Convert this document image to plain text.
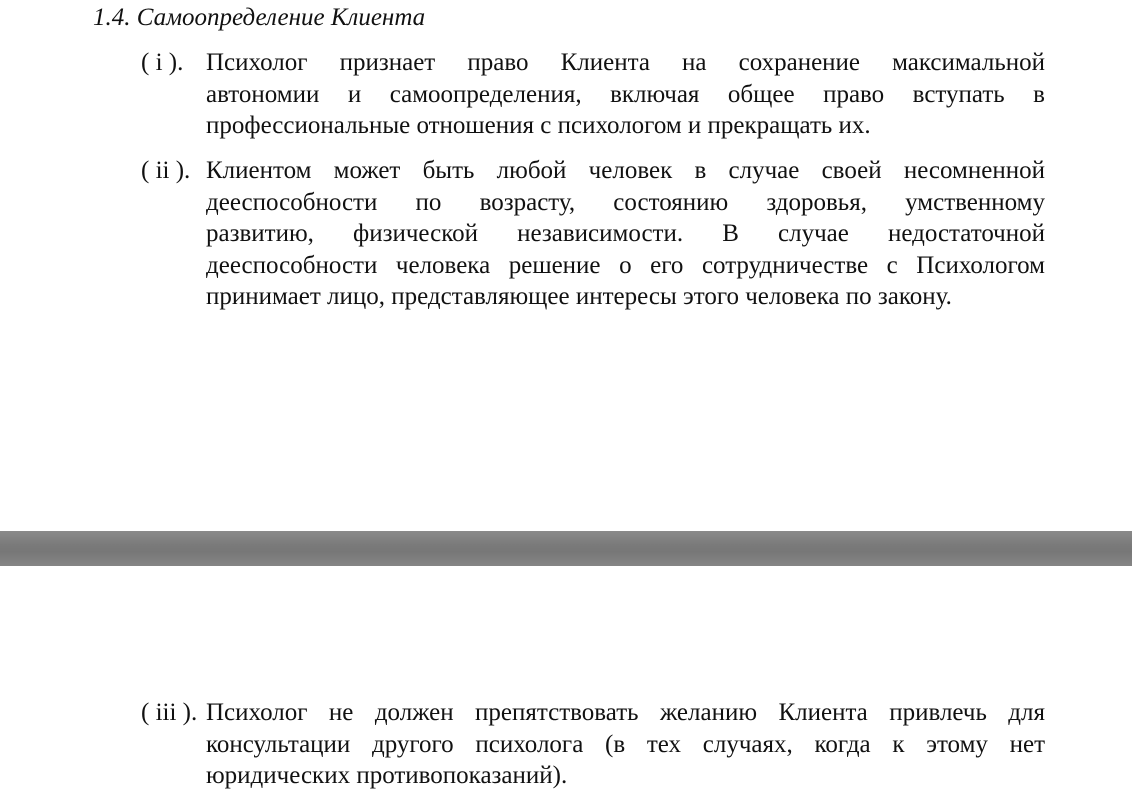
1.4. Самоопределение Клиента
( i ). Психолог признает право Клиента на сохранение максимальной
автономии и самоопределения, включая общее право вступать в
профессиональные отношения с психологом и прекращать их.
( ii ). Клиентом может быть любой человек в случае своей несомненной
дееспособности по возрасту, состоянию здоровья, умственному
развитию, физической независимости. В случае недостаточной
дееспособности человека решение о его сотрудничестве с Психологом
принимает лицо, представляющее интересы этого человека по закону.
( iii ). Психолог не должен препятствовать желанию Клиента привлечь для
консультации другого психолога (в тех случаях, когда к этому нет
юридических противопоказаний).
